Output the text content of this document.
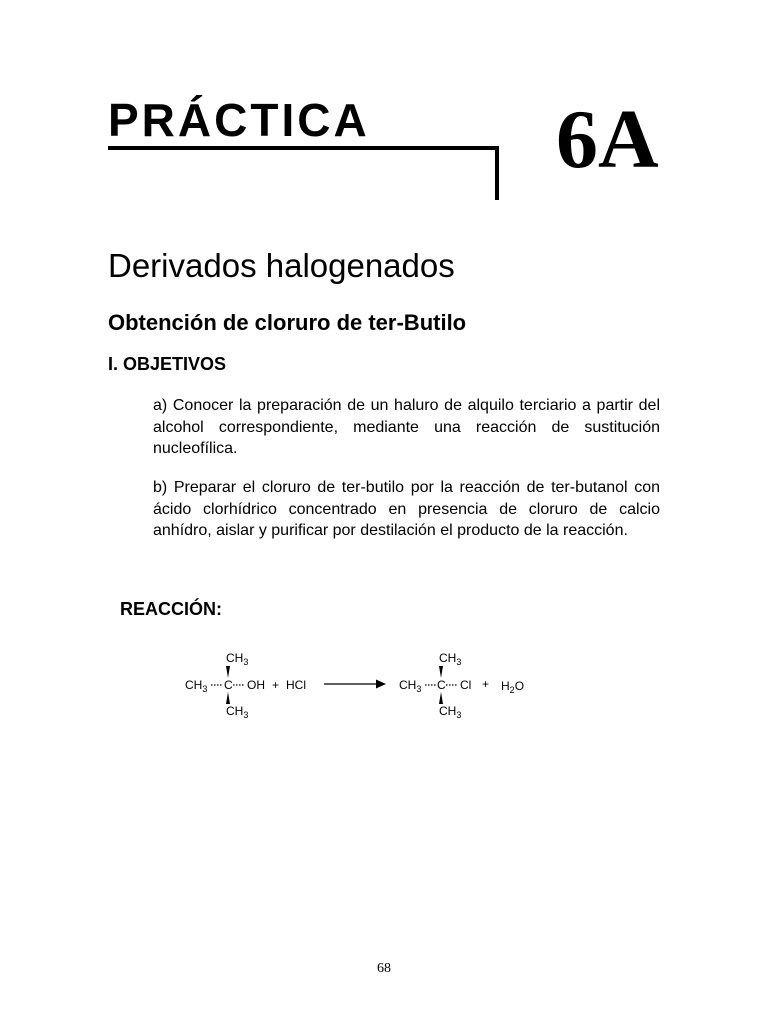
PRÁCTICA 6A
Derivados halogenados
Obtención de cloruro de ter-Butilo
I. OBJETIVOS

a) Conocer la preparación de un haluro de alquilo terciario a partir del alcohol correspondiente, mediante una reacción de sustitución nucleofílica.

b) Preparar el cloruro de ter-butilo por la reacción de ter-butanol con ácido clorhídrico concentrado en presencia de cloruro de calcio anhídro, aislar y purificar por destilación el producto de la reacción.

REACCIÓN:
$CH_3$
$CH_3$ C OH
$CH_3$
+ HCl
$CH_3$
$CH_3$ C Cl
$CH_3$
+ $H_2O$
68
